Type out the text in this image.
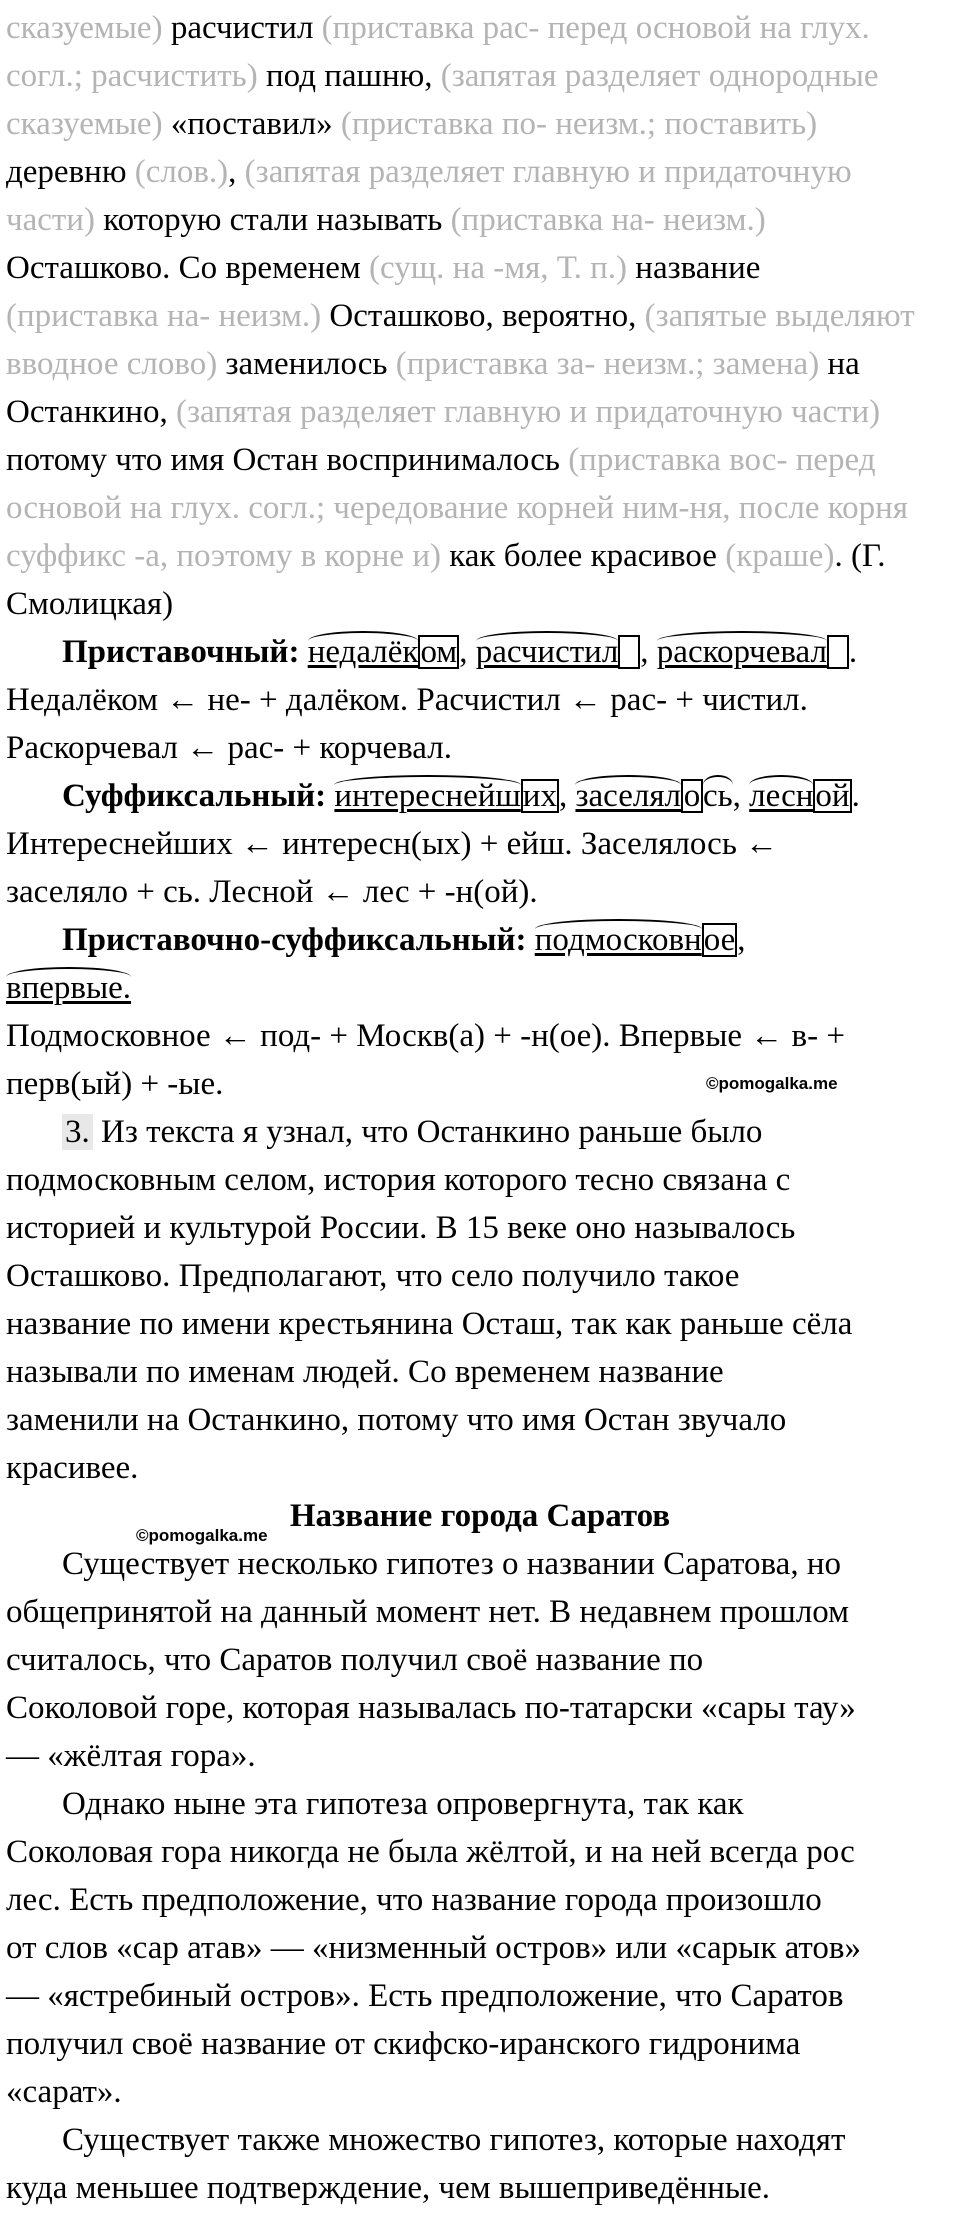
сказуемые) расчистил (приставка рас- перед основой на глух.
согл.; расчистить) под пашню, (запятая разделяет однородные
сказуемые) «поставил» (приставка по- неизм.; поставить)
деревню (слов.), (запятая разделяет главную и придаточную
части) которую стали называть (приставка на- неизм.)
Осташково. Со временем (сущ. на -мя, Т. п.) название
(приставка на- неизм.) Осташково, вероятно, (запятые выделяют
вводное слово) заменилось (приставка за- неизм.; замена) на
Останкино, (запятая разделяет главную и придаточную части)
потому что имя Остан воспринималось (приставка вос- перед
основой на глух. согл.; чередование корней ним-ня, после корня
суффикс -а, поэтому в корне и) как более красивое (краше). (Г.
Смолицкая)
Приставочный: недалёком, расчистил , раскорчевал .
Недалёком ← не- + далёком. Расчистил ← рас- + чистил.
Раскорчевал ← рас- + корчевал.
Суффиксальный: интереснейших, заселялось, лесной.
Интереснейших ← интересн(ых) + ейш. Заселялось ←
заселяло + сь. Лесной ← лес + -н(ой).
Приставочно-суффиксальный: подмосковное,
впервые.
Подмосковное ← под- + Москв(а) + -н(ое). Впервые ← в- +
перв(ый) + -ые.	©pomogalka.me
3. Из текста я узнал, что Останкино раньше было
подмосковным селом, история которого тесно связана с
историей и культурой России. В 15 веке оно называлось
Осташково. Предполагают, что село получило такое
название по имени крестьянина Осташ, так как раньше сёла
называли по именам людей. Со временем название
заменили на Останкино, потому что имя Остан звучало
красивее.
Название города Саратов
©pomogalka.me
Существует несколько гипотез о названии Саратова, но
общепринятой на данный момент нет. В недавнем прошлом
считалось, что Саратов получил своё название по
Соколовой горе, которая называлась по-татарски «сары тау»
— «жёлтая гора».
Однако ныне эта гипотеза опровергнута, так как
Соколовая гора никогда не была жёлтой, и на ней всегда рос
лес. Есть предположение, что название города произошло
от слов «сар атав» — «низменный остров» или «сарык атов»
— «ястребиный остров». Есть предположение, что Саратов
получил своё название от скифско-иранского гидронима
«сарат».
Существует также множество гипотез, которые находят
куда меньшее подтверждение, чем вышеприведённые.
